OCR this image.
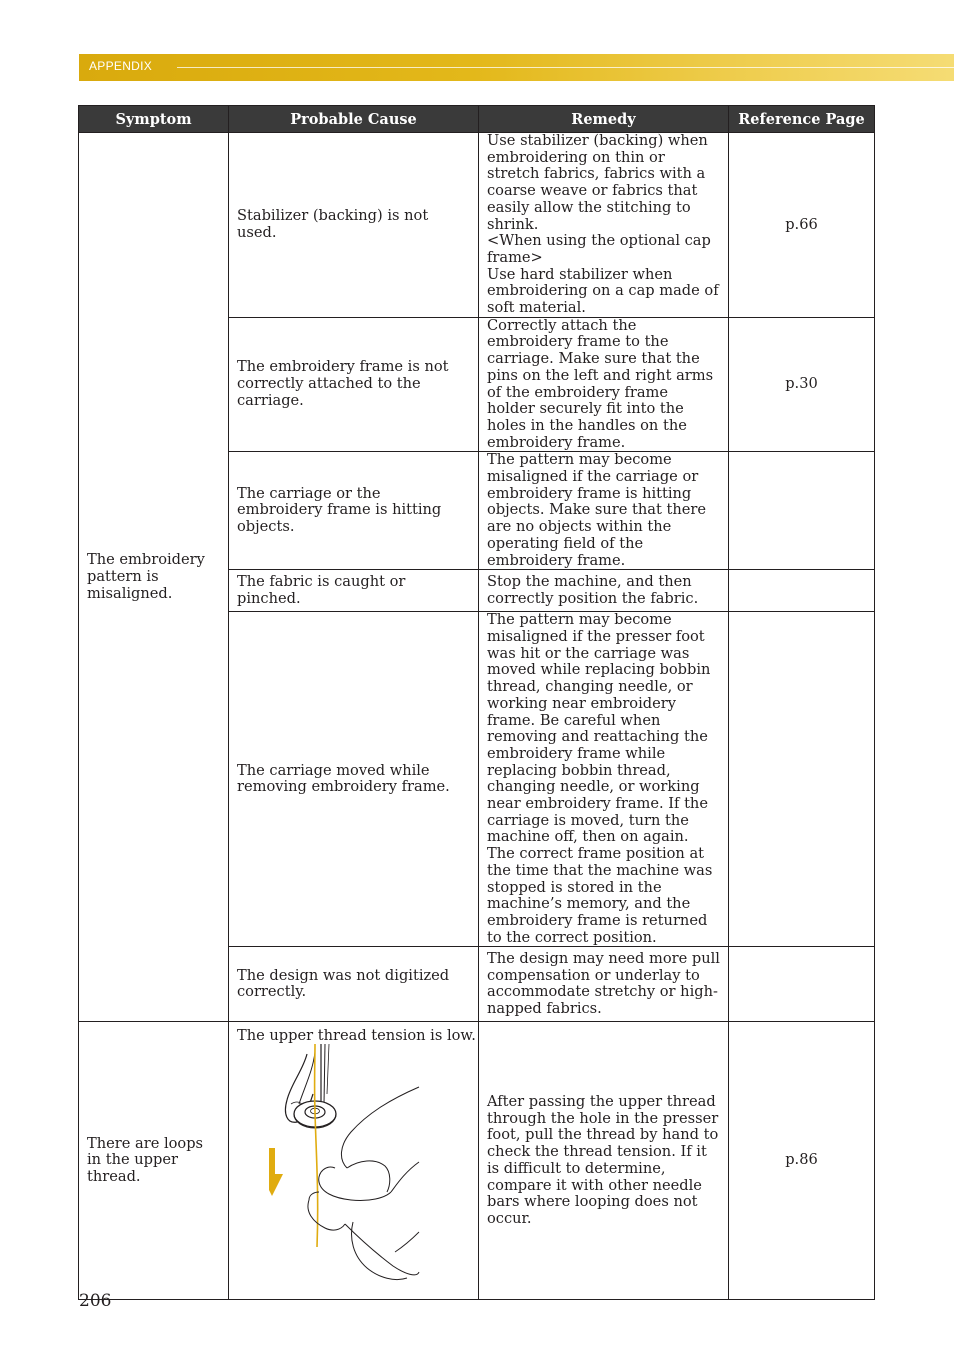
APPENDIX
Symptom	Probable Cause	Remedy	Reference Page
The embroidery pattern is misaligned.	Stabilizer (backing) is not used.	Use stabilizer (backing) when embroidering on thin or stretch fabrics, fabrics with a coarse weave or fabrics that easily allow the stitching to shrink.
<When using the optional cap frame>
Use hard stabilizer when embroidering on a cap made of soft material.	p.66
	The embroidery frame is not correctly attached to the carriage.	Correctly attach the embroidery frame to the carriage. Make sure that the pins on the left and right arms of the embroidery frame holder securely fit into the holes in the handles on the embroidery frame.	p.30
	The carriage or the embroidery frame is hitting objects.	The pattern may become misaligned if the carriage or embroidery frame is hitting objects. Make sure that there are no objects within the operating field of the embroidery frame.	
	The fabric is caught or pinched.	Stop the machine, and then correctly position the fabric.	
	The carriage moved while removing embroidery frame.	The pattern may become misaligned if the presser foot was hit or the carriage was moved while replacing bobbin thread, changing needle, or working near embroidery frame. Be careful when removing and reattaching the embroidery frame while replacing bobbin thread, changing needle, or working near embroidery frame. If the carriage is moved, turn the machine off, then on again. The correct frame position at the time that the machine was stopped is stored in the machine’s memory, and the embroidery frame is returned to the correct position.	
	The design was not digitized correctly.	The design may need more pull compensation or underlay to accommodate stretchy or high-napped fabrics.	
There are loops in the upper thread.	The upper thread tension is low.	After passing the upper thread through the hole in the presser foot, pull the thread by hand to check the thread tension. If it is difficult to determine, compare it with other needle bars where looping does not occur.	p.86
206
